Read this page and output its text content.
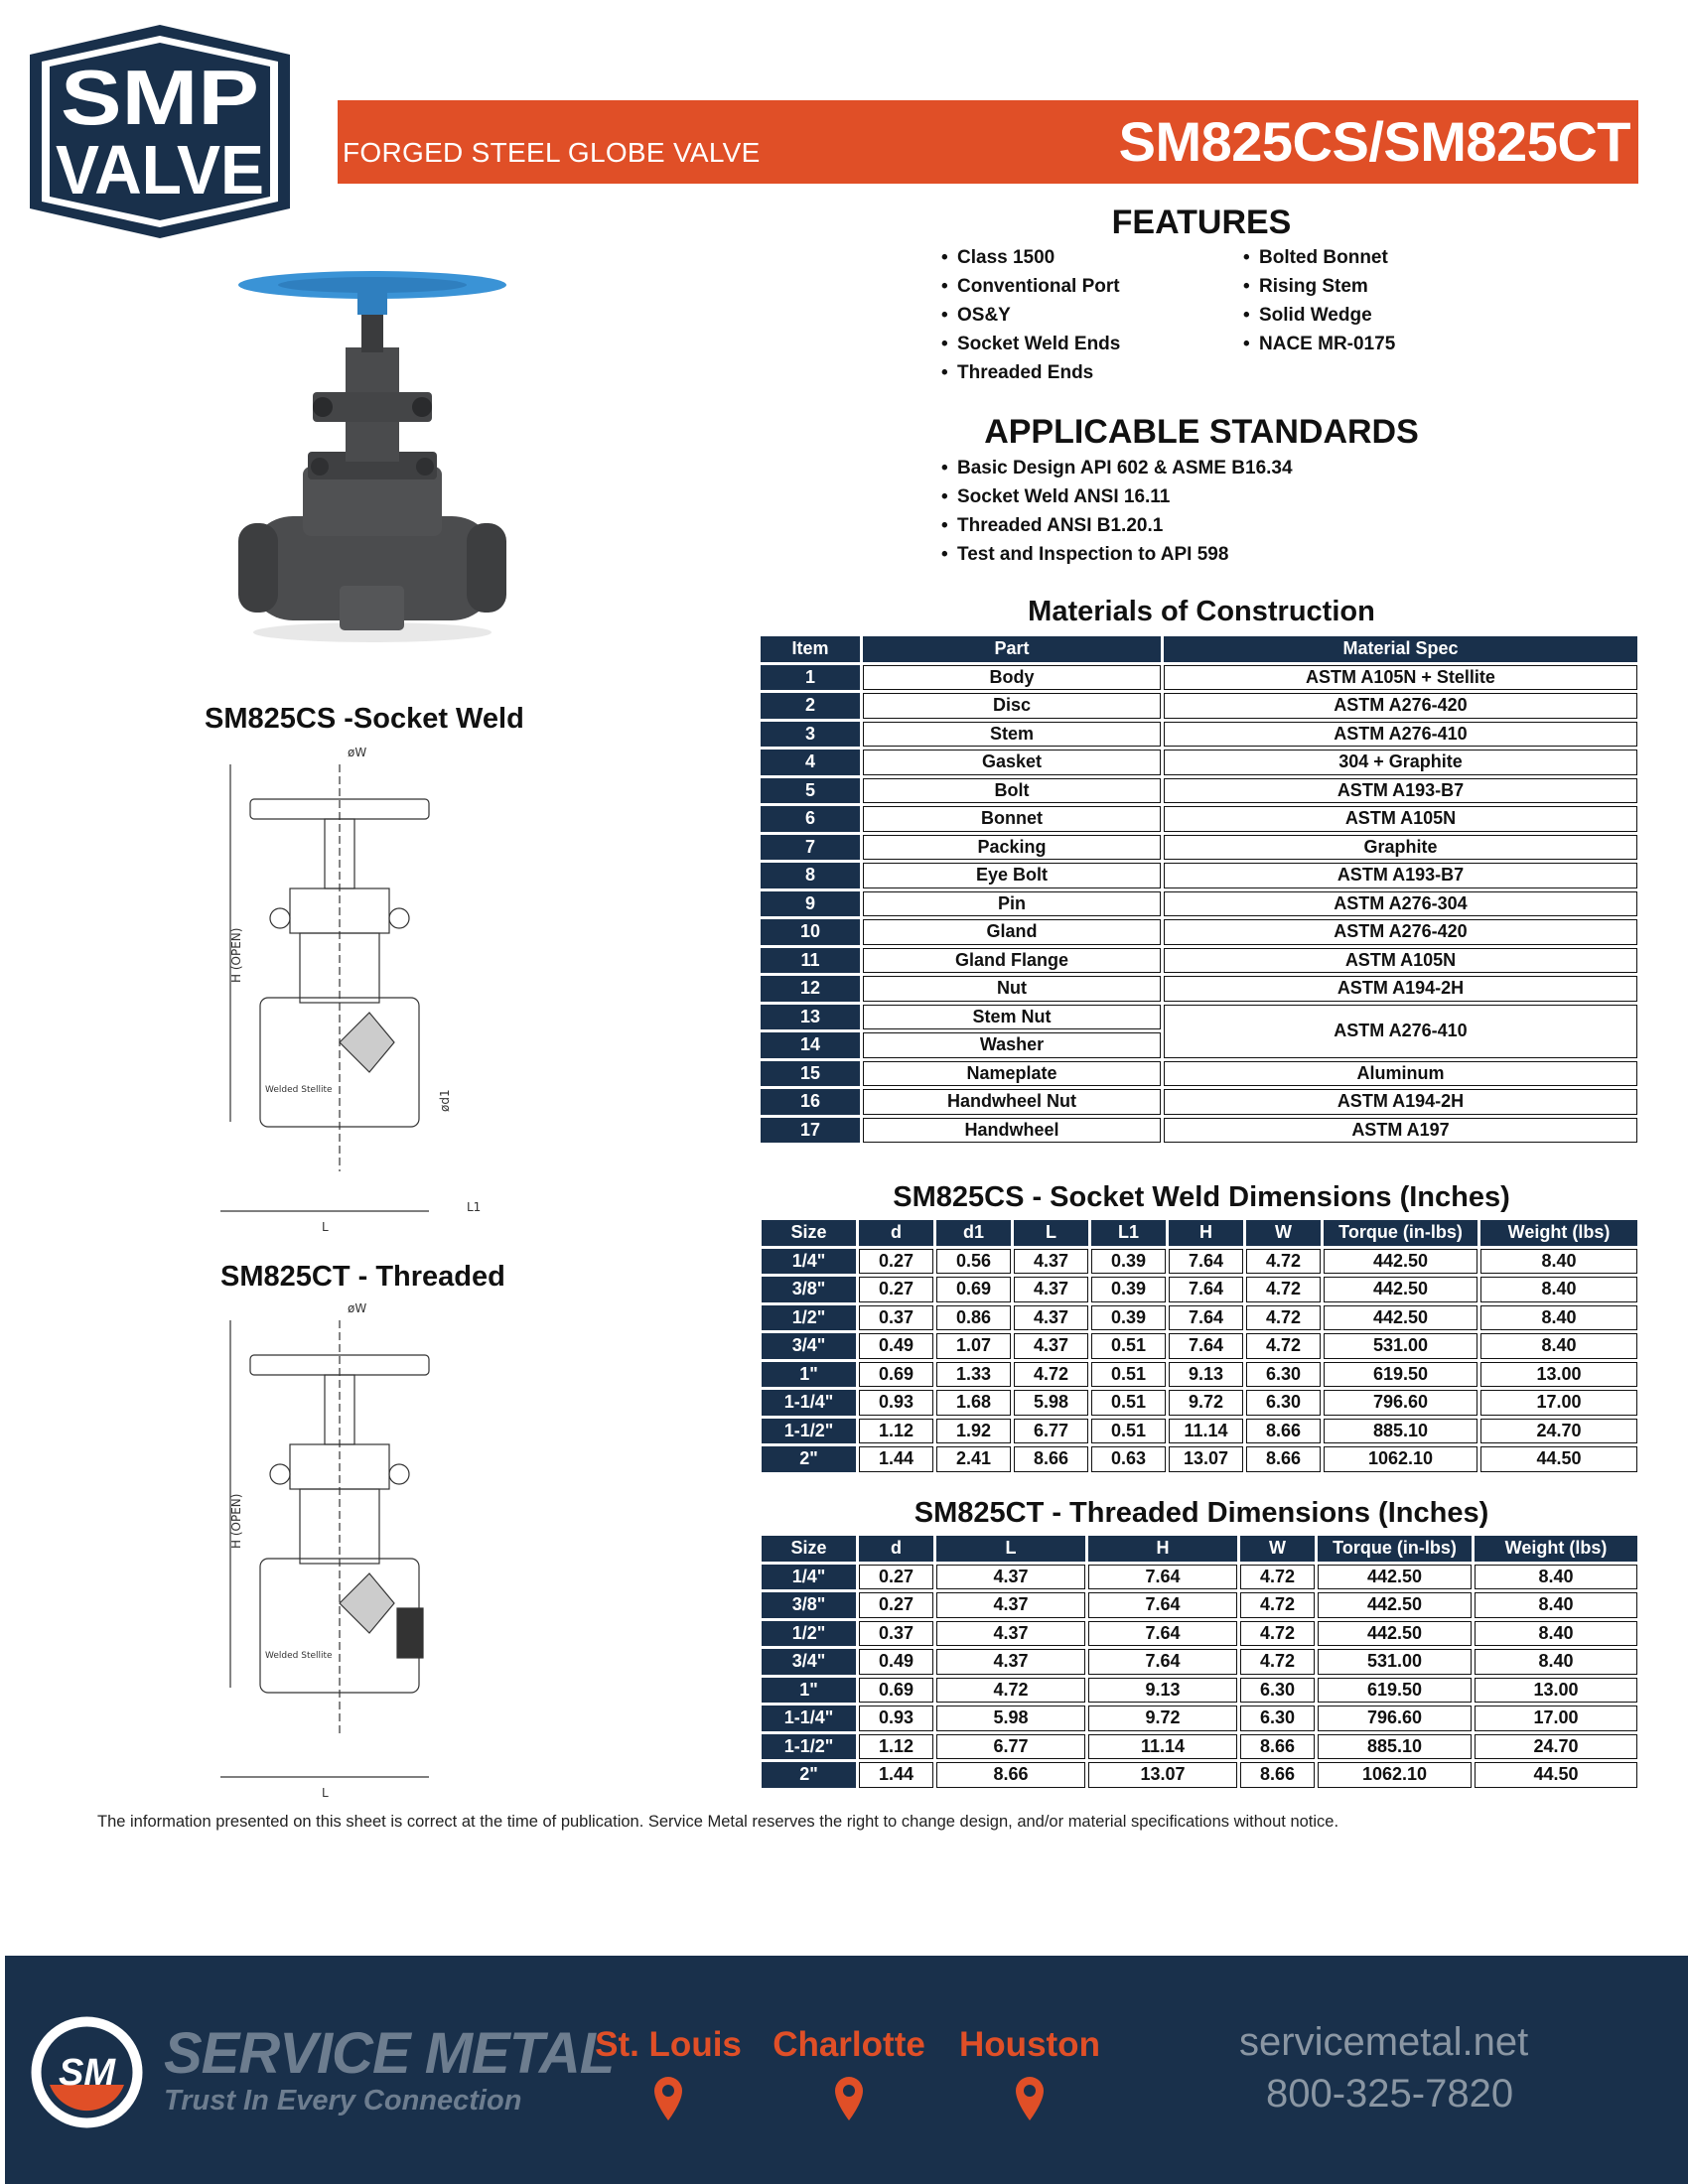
SMP
VALVE	FORGED STEEL GLOBE VALVE	SM825CS/SM825CT
FEATURES
• Class 1500
• Conventional Port
• OS&Y
• Socket Weld Ends
• Threaded Ends
• Bolted Bonnet
• Rising Stem
• Solid Wedge
• NACE MR-0175
APPLICABLE STANDARDS
• Basic Design API 602 & ASME B16.34
• Socket Weld ANSI 16.11
• Threaded ANSI B1.20.1
• Test and Inspection to API 598
SM825CS -Socket Weld
H (OPEN)
øW
Welded Stellite
L
L1
ød1
SM825CT - Threaded
H (OPEN)
øW
Welded Stellite
L
Materials of Construction
Item	Part	Material Spec
1	Body	ASTM A105N + Stellite
2	Disc	ASTM A276-420
3	Stem	ASTM A276-410
4	Gasket	304 + Graphite
5	Bolt	ASTM A193-B7
6	Bonnet	ASTM A105N
7	Packing	Graphite
8	Eye Bolt	ASTM A193-B7
9	Pin	ASTM A276-304
10	Gland	ASTM A276-420
11	Gland Flange	ASTM A105N
12	Nut	ASTM A194-2H
13	Stem Nut	ASTM A276-410
14	Washer	
15	Nameplate	Aluminum
16	Handwheel Nut	ASTM A194-2H
17	Handwheel	ASTM A197
SM825CS - Socket Weld Dimensions (Inches)
Size	d	d1	L	L1	H	W	Torque (in-lbs)	Weight (lbs)
1/4"	0.27	0.56	4.37	0.39	7.64	4.72	442.50	8.40
3/8"	0.27	0.69	4.37	0.39	7.64	4.72	442.50	8.40
1/2"	0.37	0.86	4.37	0.39	7.64	4.72	442.50	8.40
3/4"	0.49	1.07	4.37	0.51	7.64	4.72	531.00	8.40
1"	0.69	1.33	4.72	0.51	9.13	6.30	619.50	13.00
1-1/4"	0.93	1.68	5.98	0.51	9.72	6.30	796.60	17.00
1-1/2"	1.12	1.92	6.77	0.51	11.14	8.66	885.10	24.70
2"	1.44	2.41	8.66	0.63	13.07	8.66	1062.10	44.50
SM825CT - Threaded Dimensions (Inches)
Size	d	L	H	W	Torque (in-lbs)	Weight (lbs)
1/4"	0.27	4.37	7.64	4.72	442.50	8.40
3/8"	0.27	4.37	7.64	4.72	442.50	8.40
1/2"	0.37	4.37	7.64	4.72	442.50	8.40
3/4"	0.49	4.37	7.64	4.72	531.00	8.40
1"	0.69	4.72	9.13	6.30	619.50	13.00
1-1/4"	0.93	5.98	9.72	6.30	796.60	17.00
1-1/2"	1.12	6.77	11.14	8.66	885.10	24.70
2"	1.44	8.66	13.07	8.66	1062.10	44.50
The information presented on this sheet is correct at the time of publication. Service Metal reserves the right to change design, and/or material specifications without notice.
SM SERVICE METAL
Trust In Every Connection
St. Louis Charlotte Houston	servicemetal.net
800-325-7820
